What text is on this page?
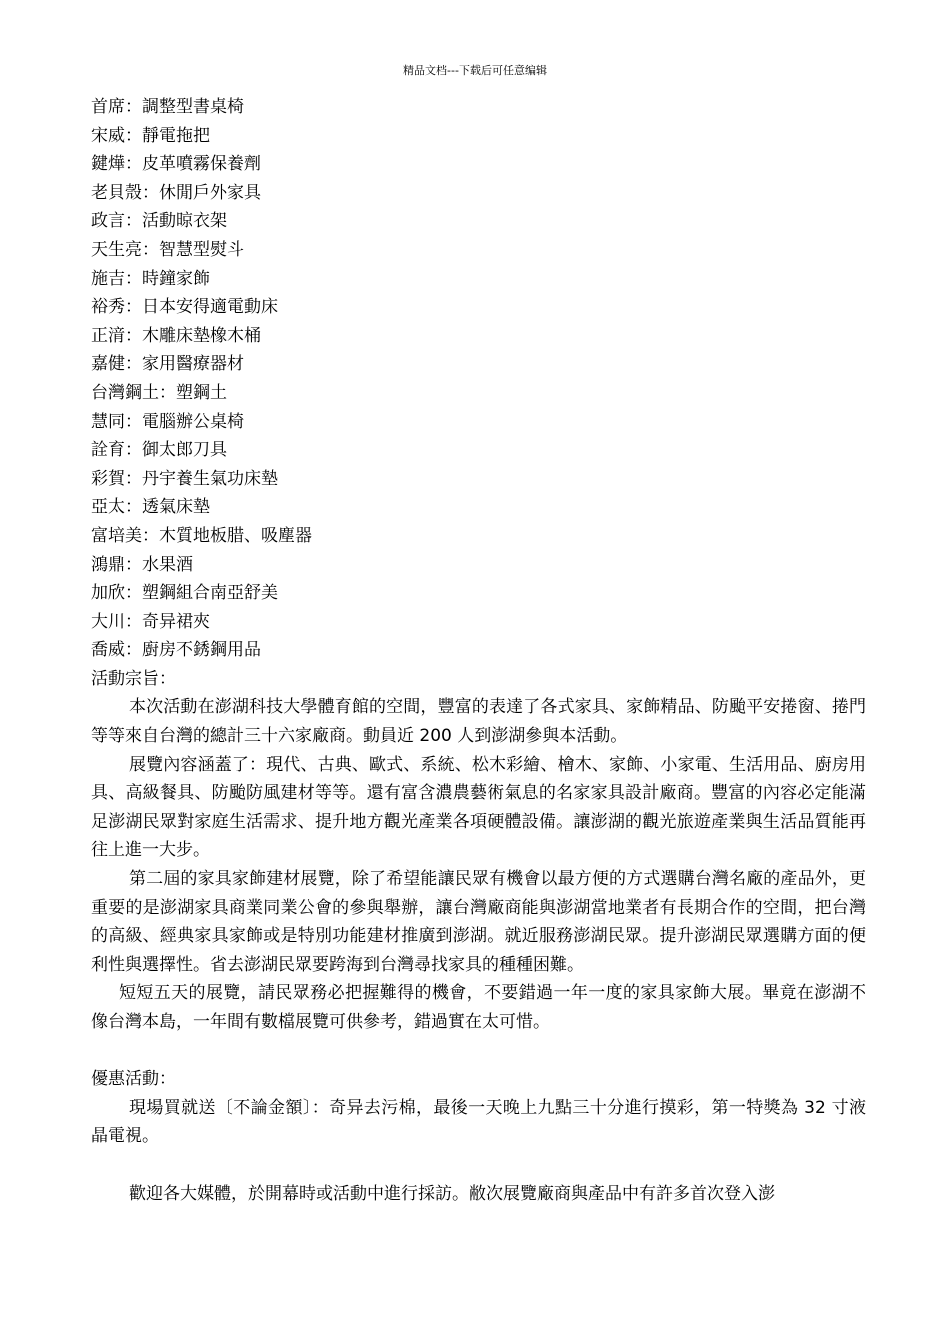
精品文档---下载后可任意编辑

首席：調整型書桌椅

宋威：靜電拖把

鍵燁：皮革噴霧保養劑

老貝殼：休閒戶外家具

政言：活動晾衣架

天生亮：智慧型熨斗

施吉：時鐘家飾

裕秀：日本安得適電動床

正湇：木雕床墊橡木桶

嘉健：家用醫療器材

台灣鋼土：塑鋼土

慧同：電腦辦公桌椅

詮育：御太郎刀具

彩賀：丹宇養生氣功床墊

亞太：透氣床墊

富培美：木質地板腊、吸塵器

鴻鼎：水果酒

加欣：塑鋼組合南亞舒美

大川：奇异裙夾

喬威：廚房不銹鋼用品

活動宗旨：

本次活動在澎湖科技大學體育館的空間，豐富的表達了各式家具、家飾精品、防颱平安捲窗、捲門等等來自台灣的總計三十六家廠商。動員近 200 人到澎湖參與本活動。

展覽內容涵蓋了：現代、古典、歐式、系統、松木彩繪、檜木、家飾、小家電、生活用品、廚房用具、高級餐具、防颱防風建材等等。還有富含濃農藝術氣息的名家家具設計廠商。豐富的內容必定能滿足澎湖民眾對家庭生活需求、提升地方觀光產業各項硬體設備。讓澎湖的觀光旅遊產業與生活品質能再往上進一大步。

第二屆的家具家飾建材展覽，除了希望能讓民眾有機會以最方便的方式選購台灣名廠的產品外，更重要的是澎湖家具商業同業公會的參與舉辦，讓台灣廠商能與澎湖當地業者有長期合作的空間，把台灣的高級、經典家具家飾或是特別功能建材推廣到澎湖。就近服務澎湖民眾。提升澎湖民眾選購方面的便利性與選擇性。省去澎湖民眾要跨海到台灣尋找家具的種種困難。

短短五天的展覽，請民眾務必把握難得的機會，不要錯過一年一度的家具家飾大展。畢竟在澎湖不像台灣本島，一年間有數檔展覽可供參考，錯過實在太可惜。

優惠活動：

現場買就送〔不論金額〕：奇异去污棉，最後一天晚上九點三十分進行摸彩，第一特獎為 32 寸液晶電視。

歡迎各大媒體，於開幕時或活動中進行採訪。敝次展覽廠商與產品中有許多首次登入澎
